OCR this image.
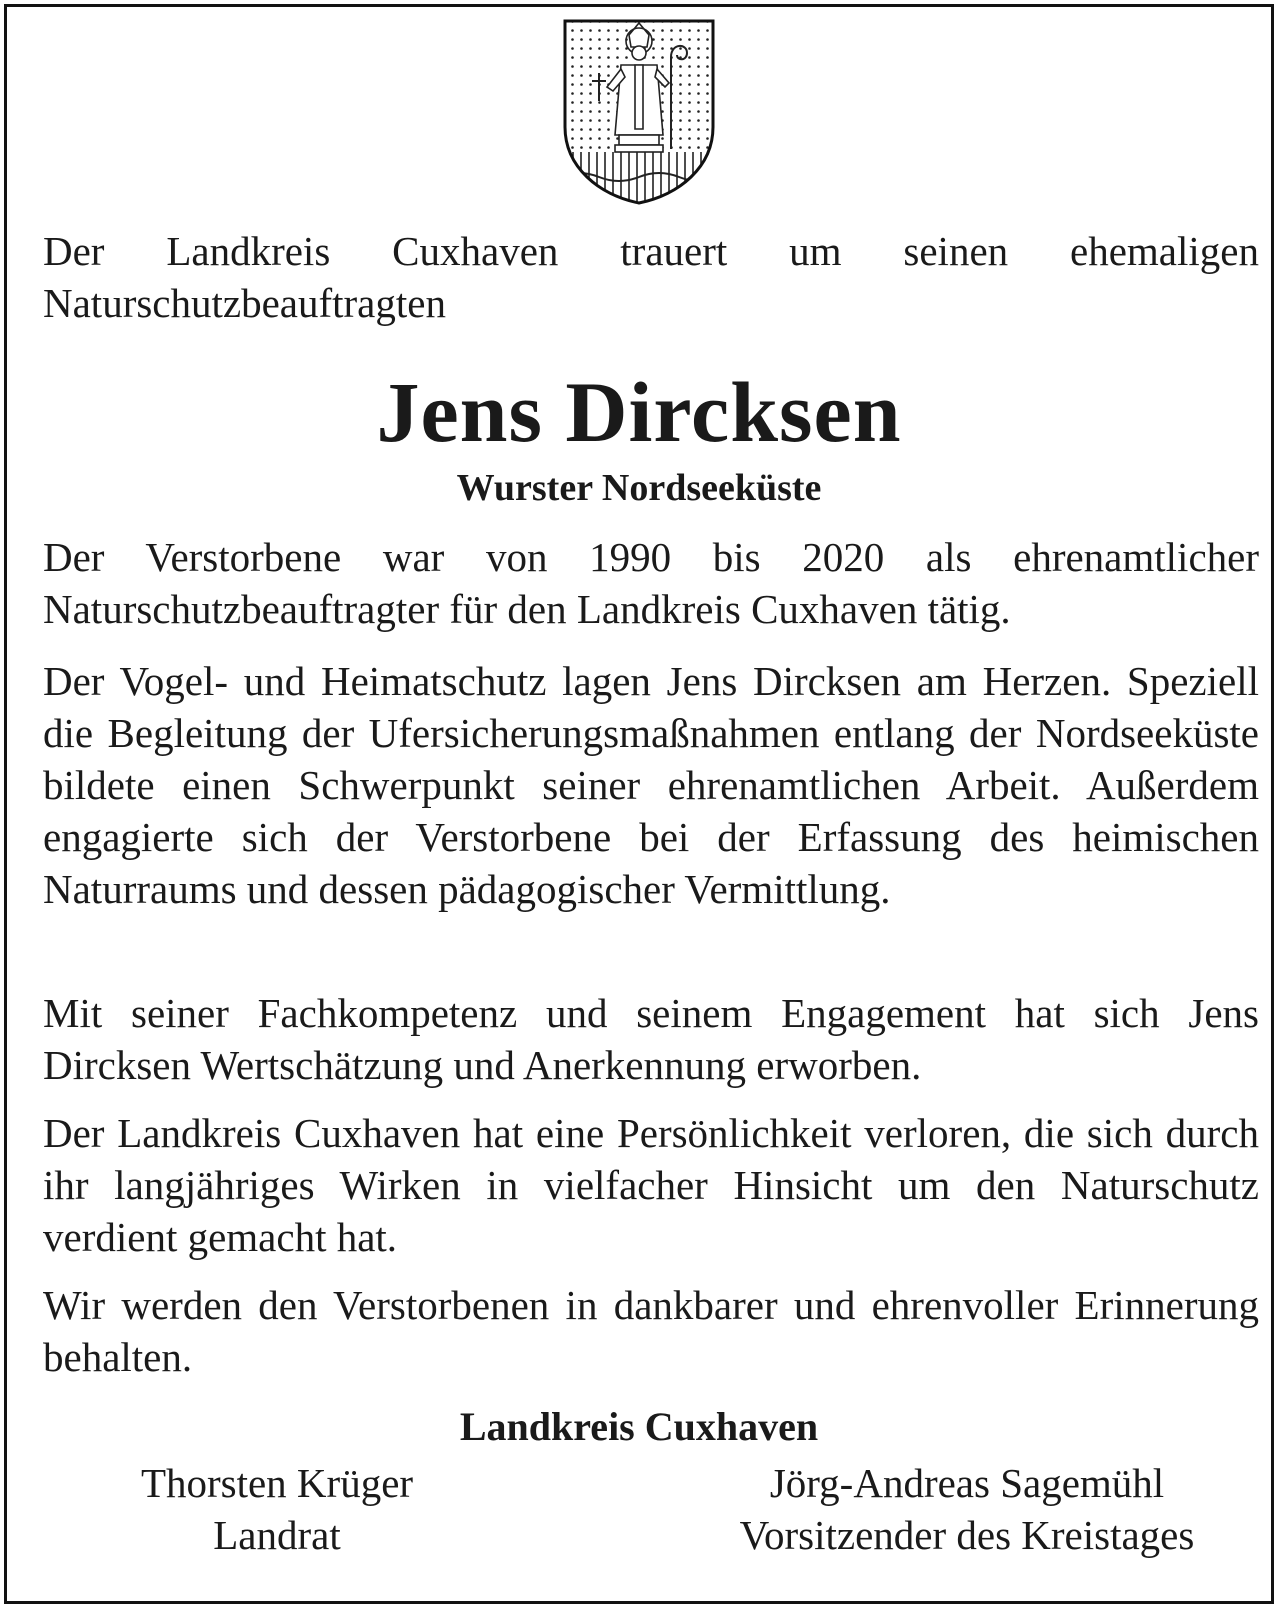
Der Landkreis Cuxhaven trauert um seinen ehemaligen Naturschutzbeauftragten

Jens Dircksen
Wurster Nordseeküste

Der Verstorbene war von 1990 bis 2020 als ehrenamtlicher Naturschutzbeauftragter für den Landkreis Cuxhaven tätig.

Der Vogel- und Heimatschutz lagen Jens Dircksen am Herzen. Speziell die Begleitung der Ufersicherungsmaßnahmen entlang der Nordseeküste bildete einen Schwerpunkt seiner ehrenamtlichen Arbeit. Außerdem engagierte sich der Verstorbene bei der Erfassung des heimischen Naturraums und dessen pädagogischer Vermittlung.

Mit seiner Fachkompetenz und seinem Engagement hat sich Jens Dircksen Wertschätzung und Anerkennung erworben.

Der Landkreis Cuxhaven hat eine Persönlichkeit verloren, die sich durch ihr langjähriges Wirken in vielfacher Hinsicht um den Naturschutz verdient gemacht hat.

Wir werden den Verstorbenen in dankbarer und ehrenvoller Erinnerung behalten.

Landkreis Cuxhaven
Thorsten Krüger
Landrat
Jörg-Andreas Sagemühl
Vorsitzender des Kreistages
